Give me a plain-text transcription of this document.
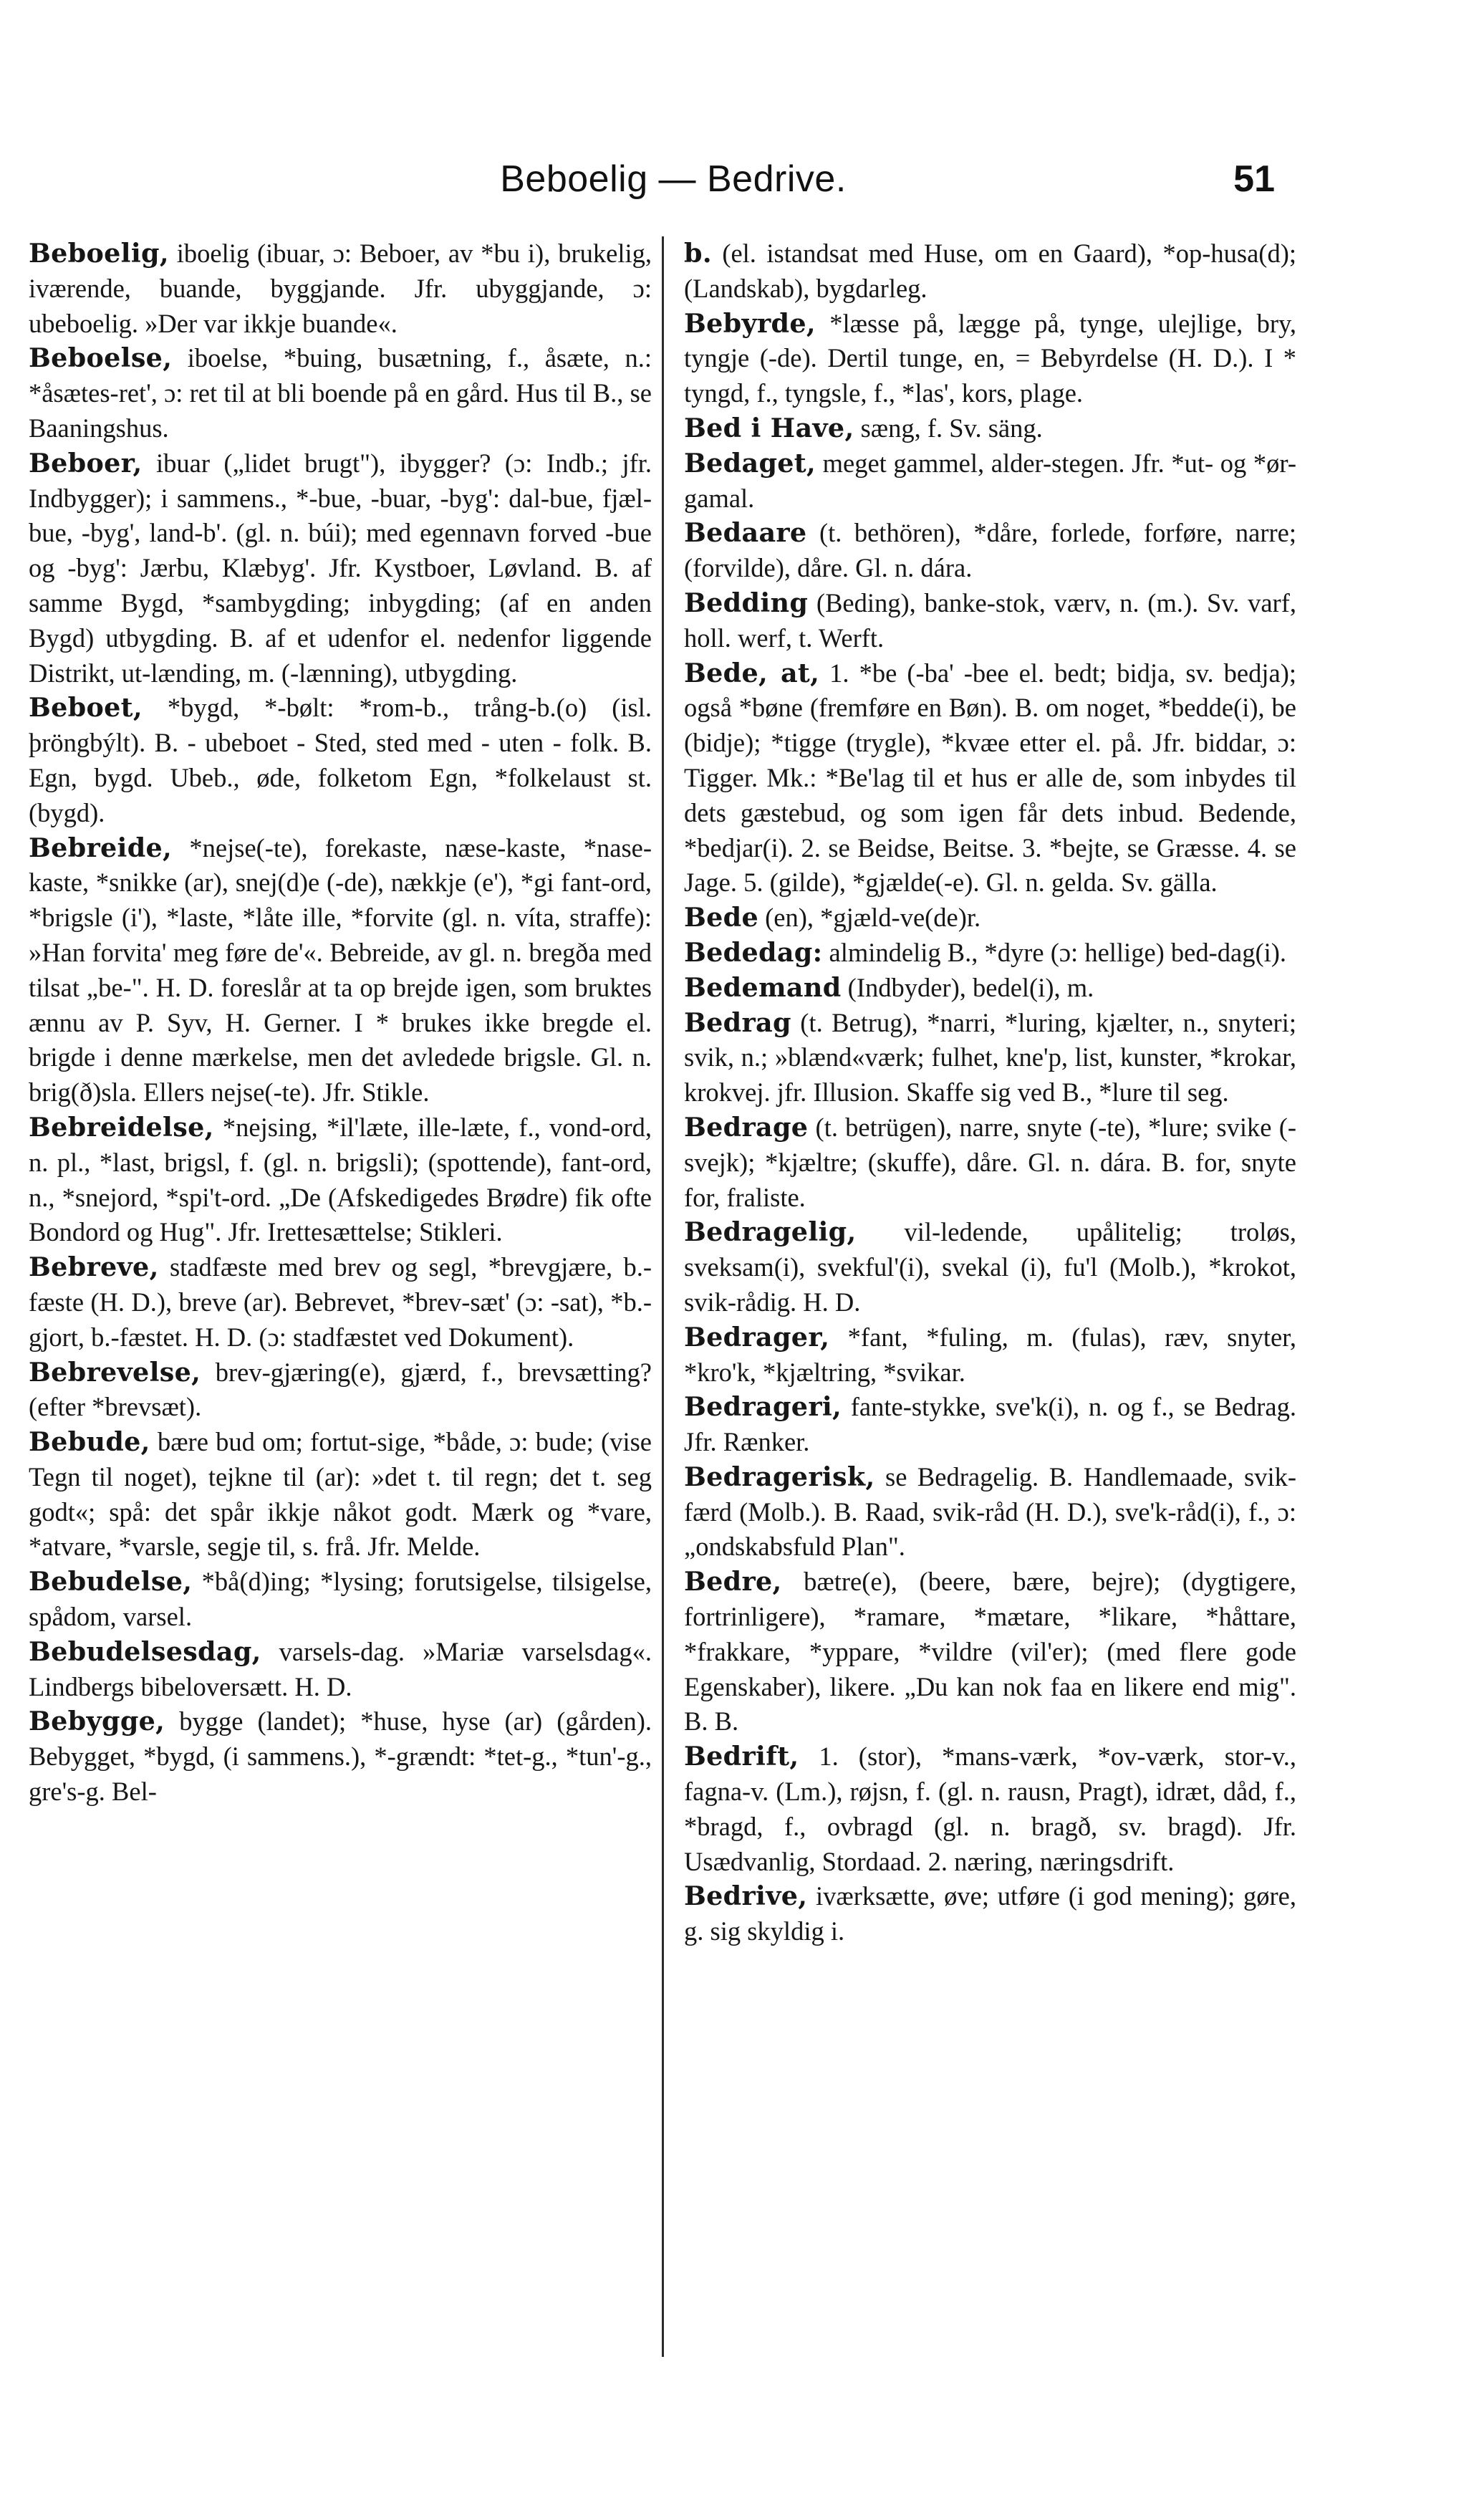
Beboelig — Bedrive.	51

Beboelig, iboelig (ibuar, ɔ: Beboer, av *bu i), brukelig, iværende, buande, byggjande. Jfr. ubyggjande, ɔ: ubeboelig. »Der var ikkje buande«.

Beboelse, iboelse, *buing, busætning, f., åsæte, n.: *åsætes-ret', ɔ: ret til at bli boende på en gård. Hus til B., se Baaningshus.

Beboer, ibuar („lidet brugt"), ibygger? (ɔ: Indb.; jfr. Indbygger); i sammens., *-bue, -buar, -byg': dal-bue, fjæl-bue, -byg', land-b'. (gl. n. búi); med egennavn forved -bue og -byg': Jærbu, Klæbyg'. Jfr. Kystboer, Løvland. B. af samme Bygd, *sambygding; inbygding; (af en anden Bygd) utbygding. B. af et udenfor el. nedenfor liggende Distrikt, ut-lænding, m. (-lænning), utbygding.

Beboet, *bygd, *-bølt: *rom-b., trång-b.(o) (isl. þröngbýlt). B. - ubeboet - Sted, sted med - uten - folk. B. Egn, bygd. Ubeb., øde, folketom Egn, *folkelaust st. (bygd).

Bebreide, *nejse(-te), forekaste, næse-kaste, *nase-kaste, *snikke (ar), snej(d)e (-de), nækkje (e'), *gi fant-ord, *brigsle (i'), *laste, *låte ille, *forvite (gl. n. víta, straffe): »Han forvita' meg føre de'«. Bebreide, av gl. n. bregða med tilsat „be-". H. D. foreslår at ta op brejde igen, som bruktes ænnu av P. Syv, H. Gerner. I * brukes ikke bregde el. brigde i denne mærkelse, men det avledede brigsle. Gl. n. brig(ð)sla. Ellers nejse(-te). Jfr. Stikle.

Bebreidelse, *nejsing, *il'læte, ille-læte, f., vond-ord, n. pl., *last, brigsl, f. (gl. n. brigsli); (spottende), fant-ord, n., *snejord, *spi't-ord. „De (Afskedigedes Brødre) fik ofte Bondord og Hug". Jfr. Irettesættelse; Stikleri.

Bebreve, stadfæste med brev og segl, *brevgjære, b.-fæste (H. D.), breve (ar). Bebrevet, *brev-sæt' (ɔ: -sat), *b.-gjort, b.-fæstet. H. D. (ɔ: stadfæstet ved Dokument).

Bebrevelse, brev-gjæring(e), gjærd, f., brevsætting? (efter *brevsæt).

Bebude, bære bud om; fortut-sige, *både, ɔ: bude; (vise Tegn til noget), tejkne til (ar): »det t. til regn; det t. seg godt«; spå: det spår ikkje nåkot godt. Mærk og *vare, *atvare, *varsle, segje til, s. frå. Jfr. Melde.

Bebudelse, *bå(d)ing; *lysing; forutsigelse, tilsigelse, spådom, varsel.

Bebudelsesdag, varsels-dag. »Mariæ varselsdag«. Lindbergs bibeloversætt. H. D.

Bebygge, bygge (landet); *huse, hyse (ar) (gården). Bebygget, *bygd, (i sammens.), *-grændt: *tet-g., *tun'-g., gre's-g. Bel-

b. (el. istandsat med Huse, om en Gaard), *op-husa(d); (Landskab), bygdarleg.

Bebyrde, *læsse på, lægge på, tynge, ulejlige, bry, tyngje (-de). Dertil tunge, en, = Bebyrdelse (H. D.). I * tyngd, f., tyngsle, f., *las', kors, plage.

Bed i Have, sæng, f. Sv. säng.

Bedaget, meget gammel, alder-stegen. Jfr. *ut- og *ør-gamal.

Bedaare (t. bethören), *dåre, forlede, forføre, narre; (forvilde), dåre. Gl. n. dára.

Bedding (Beding), banke-stok, værv, n. (m.). Sv. varf, holl. werf, t. Werft.

Bede, at, 1. *be (-ba' -bee el. bedt; bidja, sv. bedja); også *bøne (fremføre en Bøn). B. om noget, *bedde(i), be (bidje); *tigge (trygle), *kvæe etter el. på. Jfr. biddar, ɔ: Tigger. Mk.: *Be'lag til et hus er alle de, som inbydes til dets gæstebud, og som igen får dets inbud. Bedende, *bedjar(i). 2. se Beidse, Beitse. 3. *bejte, se Græsse. 4. se Jage. 5. (gilde), *gjælde(-e). Gl. n. gelda. Sv. gälla.

Bede (en), *gjæld-ve(de)r.

Bededag: almindelig B., *dyre (ɔ: hellige) bed-dag(i).

Bedemand (Indbyder), bedel(i), m.

Bedrag (t. Betrug), *narri, *luring, kjælter, n., snyteri; svik, n.; »blænd«værk; fulhet, kne'p, list, kunster, *krokar, krokvej. jfr. Illusion. Skaffe sig ved B., *lure til seg.

Bedrage (t. betrügen), narre, snyte (-te), *lure; svike (-svejk); *kjæltre; (skuffe), dåre. Gl. n. dára. B. for, snyte for, fraliste.

Bedragelig, vil-ledende, upålitelig; troløs, sveksam(i), svekful'(i), svekal (i), fu'l (Molb.), *krokot, svik-rådig. H. D.

Bedrager, *fant, *fuling, m. (fulas), ræv, snyter, *kro'k, *kjæltring, *svikar.

Bedrageri, fante-stykke, sve'k(i), n. og f., se Bedrag. Jfr. Rænker.

Bedragerisk, se Bedragelig. B. Handlemaade, svik-færd (Molb.). B. Raad, svik-råd (H. D.), sve'k-råd(i), f., ɔ: „ondskabsfuld Plan".

Bedre, bætre(e), (beere, bære, bejre); (dygtigere, fortrinligere), *ramare, *mætare, *likare, *håttare, *frakkare, *yppare, *vildre (vil'er); (med flere gode Egenskaber), likere. „Du kan nok faa en likere end mig". B. B.

Bedrift, 1. (stor), *mans-værk, *ov-værk, stor-v., fagna-v. (Lm.), røjsn, f. (gl. n. rausn, Pragt), idræt, dåd, f., *bragd, f., ovbragd (gl. n. bragð, sv. bragd). Jfr. Usædvanlig, Stordaad. 2. næring, næringsdrift.

Bedrive, iværksætte, øve; utføre (i god mening); gøre, g. sig skyldig i.
